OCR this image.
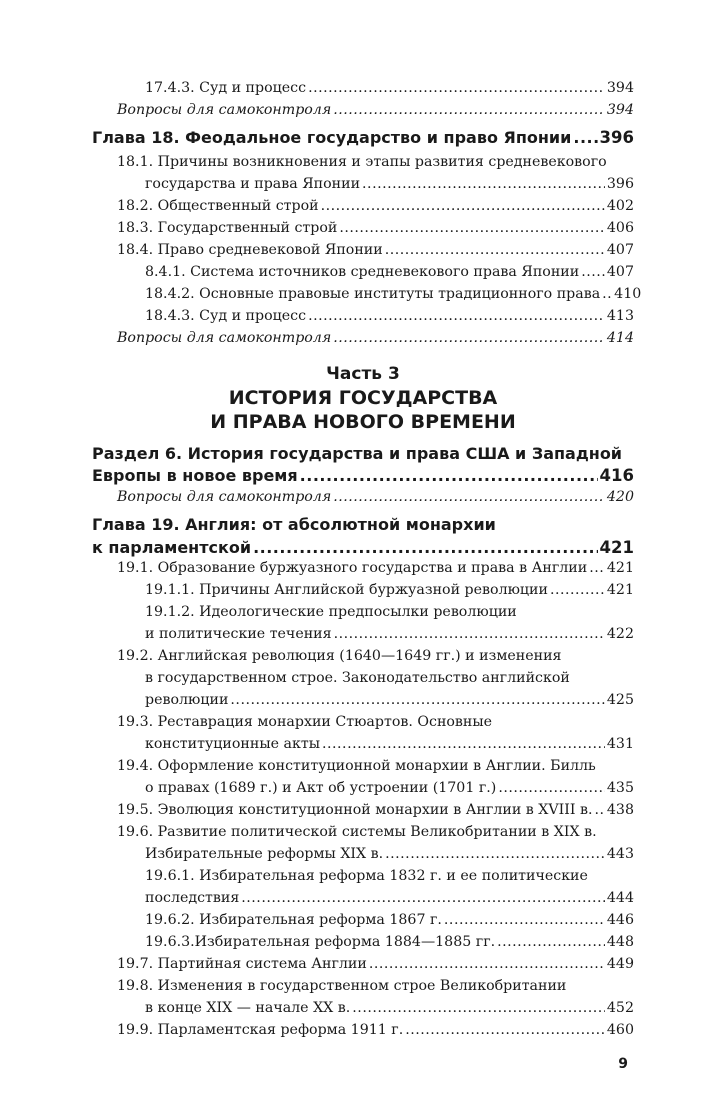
17.4.3. Суд и процесс .....	394
Вопросы для самоконтроля .....	394
Глава 18. Феодальное государство и право Японии ..... 396
18.1. Причины возникновения и этапы развития средневекового
государства и права Японии .....	396
18.2. Общественный строй .....	402
18.3. Государственный строй .....	406
18.4. Право средневековой Японии .....	407
8.4.1. Система источников средневекового права Японии ..... 407
18.4.2. Основные правовые институты традиционного права ..... 410
18.4.3. Суд и процесс .....	413
Вопросы для самоконтроля .....	414
Часть 3
ИСТОРИЯ ГОСУДАРСТВА
И ПРАВА НОВОГО ВРЕМЕНИ
Раздел 6. История государства и права США и Западной
Европы в новое время .....	416
Вопросы для самоконтроля .....	420
Глава 19. Англия: от абсолютной монархии
к парламентской .....	421
19.1. Образование буржуазного государства и права в Англии ..... 421
19.1.1. Причины Английской буржуазной революции .....	421
19.1.2. Идеологические предпосылки революции
и политические течения .....	422
19.2. Английская революция (1640—1649 гг.) и изменения
в государственном строе. Законодательство английской
революции .....	425
19.3. Реставрация монархии Стюартов. Основные
конституционные акты .....	431
19.4. Оформление конституционной монархии в Англии. Билль
о правах (1689 г.) и Акт об устроении (1701 г.) .....	435
19.5. Эволюция конституционной монархии в Англии в XVIII в. ..... 438
19.6. Развитие политической системы Великобритании в XIX в.
Избирательные реформы XIX в. .....	443
19.6.1. Избирательная реформа 1832 г. и ее политические
последствия .....	444
19.6.2. Избирательная реформа 1867 г. .....	446
19.6.3.Избирательная реформа 1884—1885 гг. .....	448
19.7. Партийная система Англии .....	449
19.8. Изменения в государственном строе Великобритании
в конце XIX — начале XX в. .....	452
19.9. Парламентская реформа 1911 г. .....	460
9
